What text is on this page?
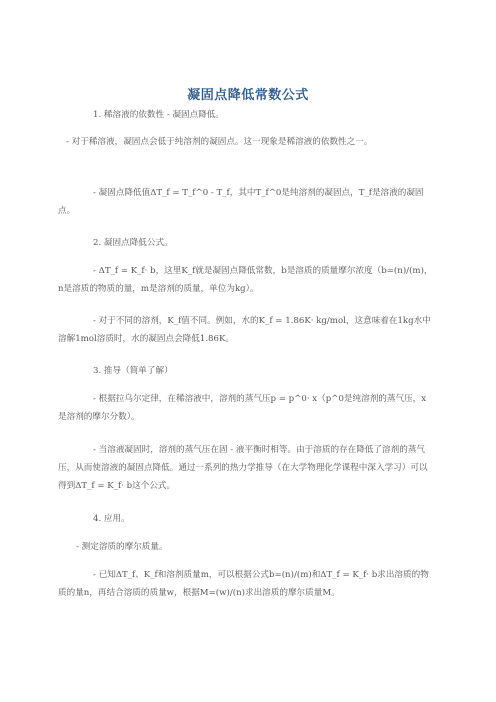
凝固点降低常数公式

1. 稀溶液的依数性 - 凝固点降低。

- 对于稀溶液，凝固点会低于纯溶剂的凝固点。这一现象是稀溶液的依数性之一。

- 凝固点降低值ΔT_f = T_f^0 - T_f，其中T_f^0是纯溶剂的凝固点，T_f是溶液的凝固点。

2. 凝固点降低公式。

- ΔT_f = K_f· b，这里K_f就是凝固点降低常数，b是溶质的质量摩尔浓度（b=(n)/(m)，n是溶质的物质的量，m是溶剂的质量，单位为kg）。

- 对于不同的溶剂，K_f值不同。例如，水的K_f = 1.86K· kg/mol，这意味着在1kg水中溶解1mol溶质时，水的凝固点会降低1.86K。

3. 推导（简单了解）

- 根据拉乌尔定律，在稀溶液中，溶剂的蒸气压p = p^0· x（p^0是纯溶剂的蒸气压，x是溶剂的摩尔分数）。

- 当溶液凝固时，溶剂的蒸气压在固 - 液平衡时相等。由于溶质的存在降低了溶剂的蒸气压，从而使溶液的凝固点降低。通过一系列的热力学推导（在大学物理化学课程中深入学习）可以得到ΔT_f = K_f· b这个公式。

4. 应用。

- 测定溶质的摩尔质量。

- 已知ΔT_f、K_f和溶剂质量m，可以根据公式b=(n)/(m)和ΔT_f = K_f· b求出溶质的物质的量n，再结合溶质的质量w，根据M=(w)/(n)求出溶质的摩尔质量M。
